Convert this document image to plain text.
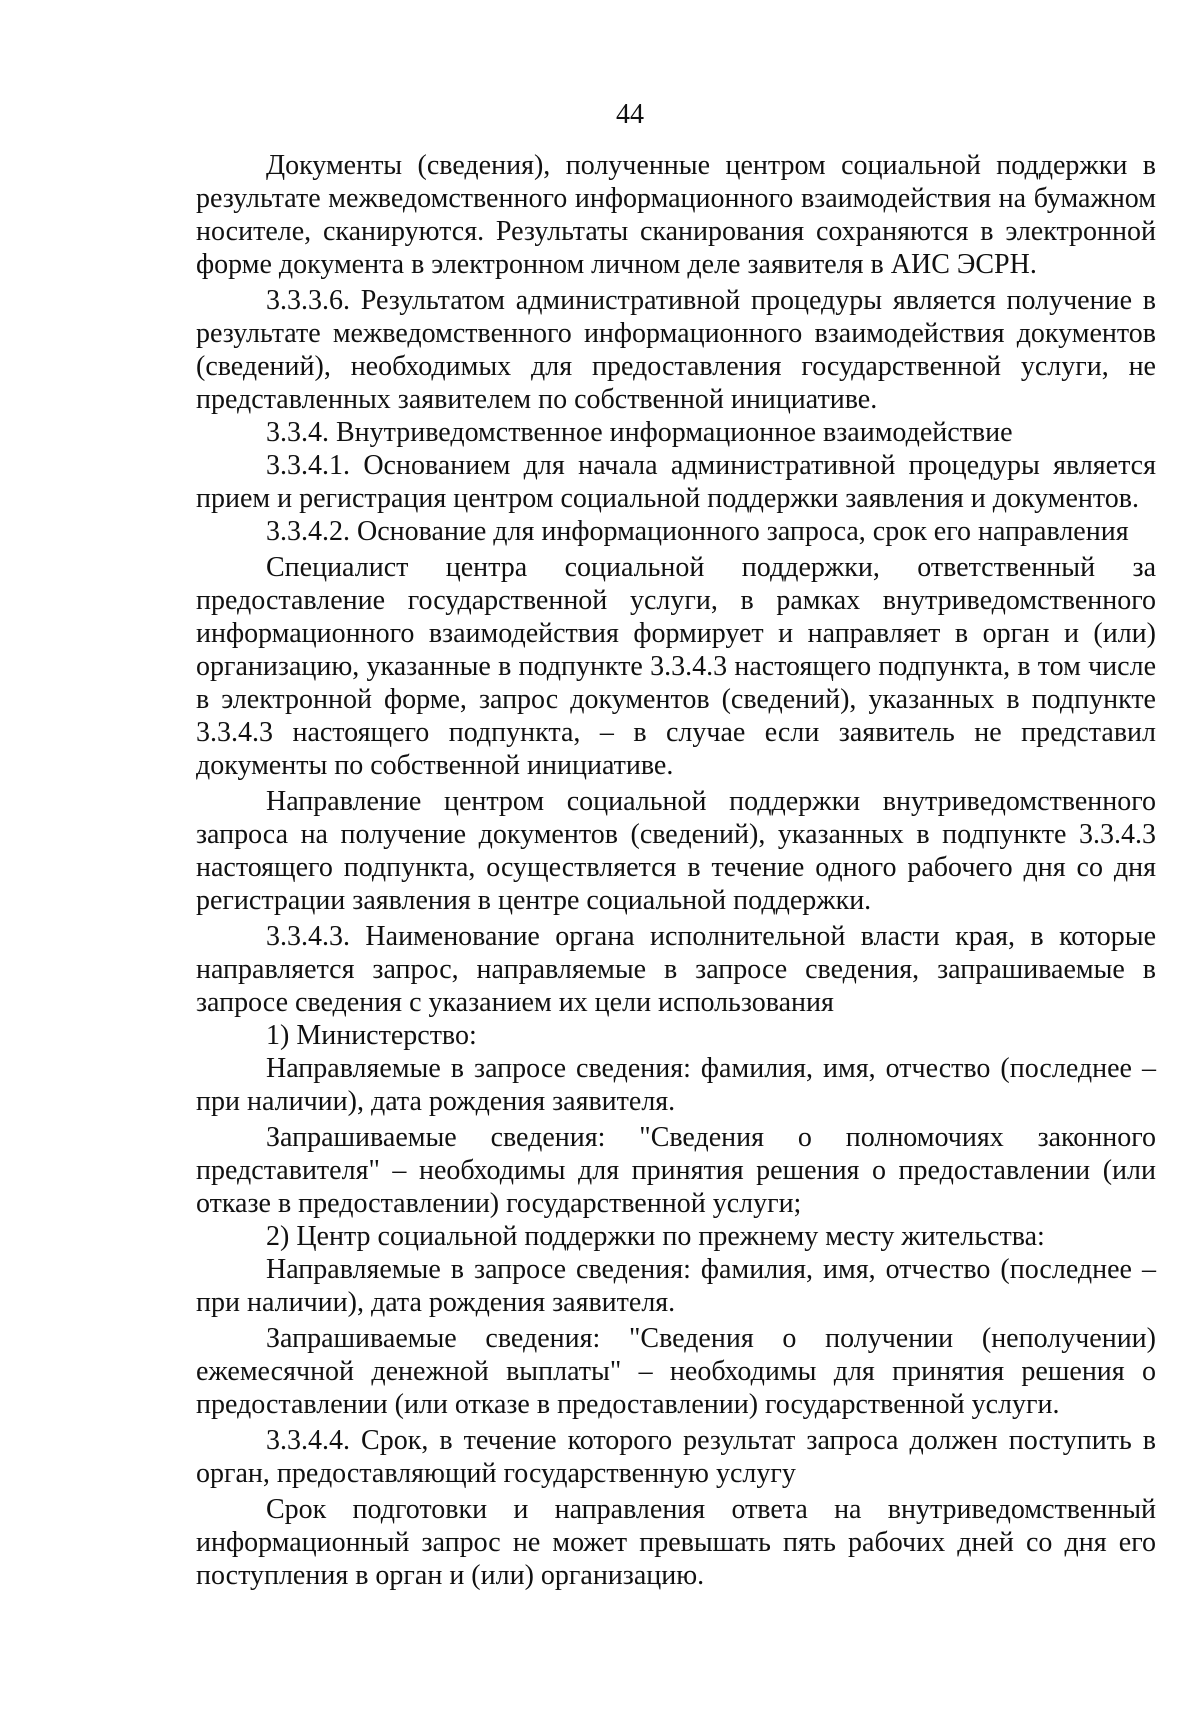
44

Документы (сведения), полученные центром социальной поддержки в результате межведомственного информационного взаимодействия на бумажном носителе, сканируются. Результаты сканирования сохраняются в электронной форме документа в электронном личном деле заявителя в АИС ЭСРН.

3.3.3.6. Результатом административной процедуры является получение в результате межведомственного информационного взаимодействия документов (сведений), необходимых для предоставления государственной услуги, не представленных заявителем по собственной инициативе.

3.3.4. Внутриведомственное информационное взаимодействие

3.3.4.1. Основанием для начала административной процедуры является прием и регистрация центром социальной поддержки заявления и документов.

3.3.4.2. Основание для информационного запроса, срок его направления

Специалист центра социальной поддержки, ответственный за предоставление государственной услуги, в рамках внутриведомственного информационного взаимодействия формирует и направляет в орган и (или) организацию, указанные в подпункте 3.3.4.3 настоящего подпункта, в том числе в электронной форме, запрос документов (сведений), указанных в подпункте 3.3.4.3 настоящего подпункта, – в случае если заявитель не представил документы по собственной инициативе.

Направление центром социальной поддержки внутриведомственного запроса на получение документов (сведений), указанных в подпункте 3.3.4.3 настоящего подпункта, осуществляется в течение одного рабочего дня со дня регистрации заявления в центре социальной поддержки.

3.3.4.3. Наименование органа исполнительной власти края, в которые направляется запрос, направляемые в запросе сведения, запрашиваемые в запросе сведения с указанием их цели использования

1) Министерство:

Направляемые в запросе сведения: фамилия, имя, отчество (последнее – при наличии), дата рождения заявителя.

Запрашиваемые сведения: "Сведения о полномочиях законного представителя" – необходимы для принятия решения о предоставлении (или отказе в предоставлении) государственной услуги;

2) Центр социальной поддержки по прежнему месту жительства:

Направляемые в запросе сведения: фамилия, имя, отчество (последнее – при наличии), дата рождения заявителя.

Запрашиваемые сведения: "Сведения о получении (неполучении) ежемесячной денежной выплаты" – необходимы для принятия решения о предоставлении (или отказе в предоставлении) государственной услуги.

3.3.4.4. Срок, в течение которого результат запроса должен поступить в орган, предоставляющий государственную услугу

Срок подготовки и направления ответа на внутриведомственный информационный запрос не может превышать пять рабочих дней со дня его поступления в орган и (или) организацию.
